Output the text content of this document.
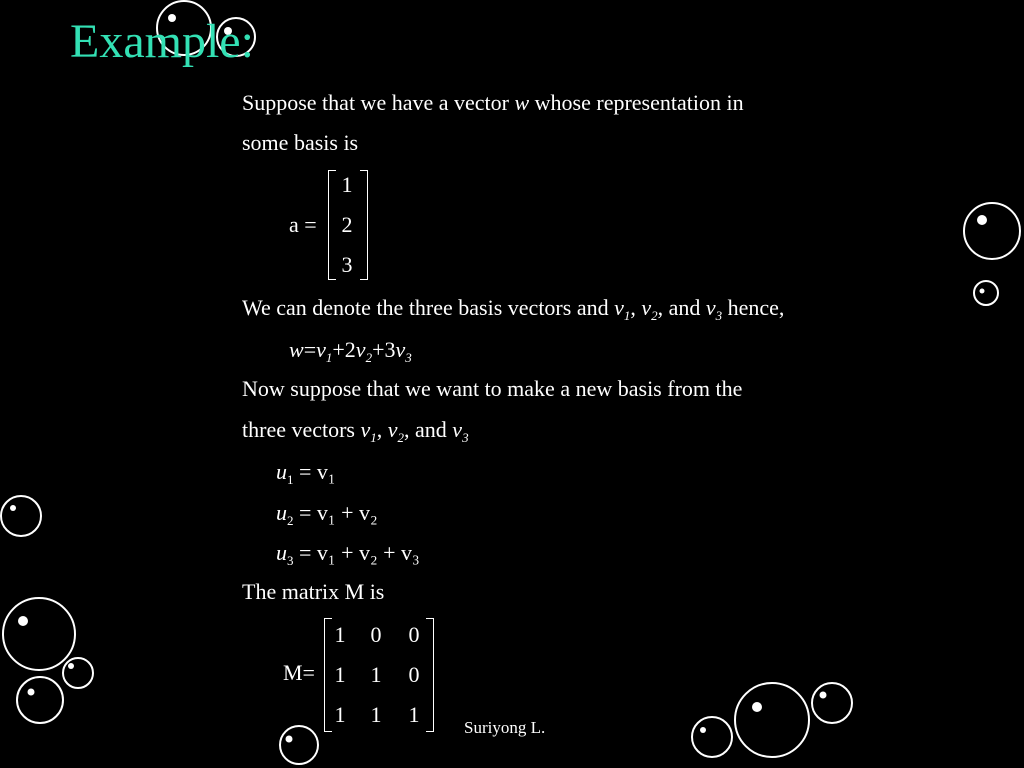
Example:
Suppose that we have a vector w whose representation in
some basis is
a =
1
2
3
We can denote the three basis vectors and $v_1$, $v_2$, and $v_3$ hence,
$w=v_1+2v_2+3v_3$
Now suppose that we want to make a new basis from the
three vectors $v_1$, $v_2$, and $v_3$
$u_1 = v_1$
$u_2 = v_1 + v_2$
$u_3 = v_1 + v_2 + v_3$
The matrix M is
M=
1 0 0
1 1 0
1 1 1
Suriyong L.
